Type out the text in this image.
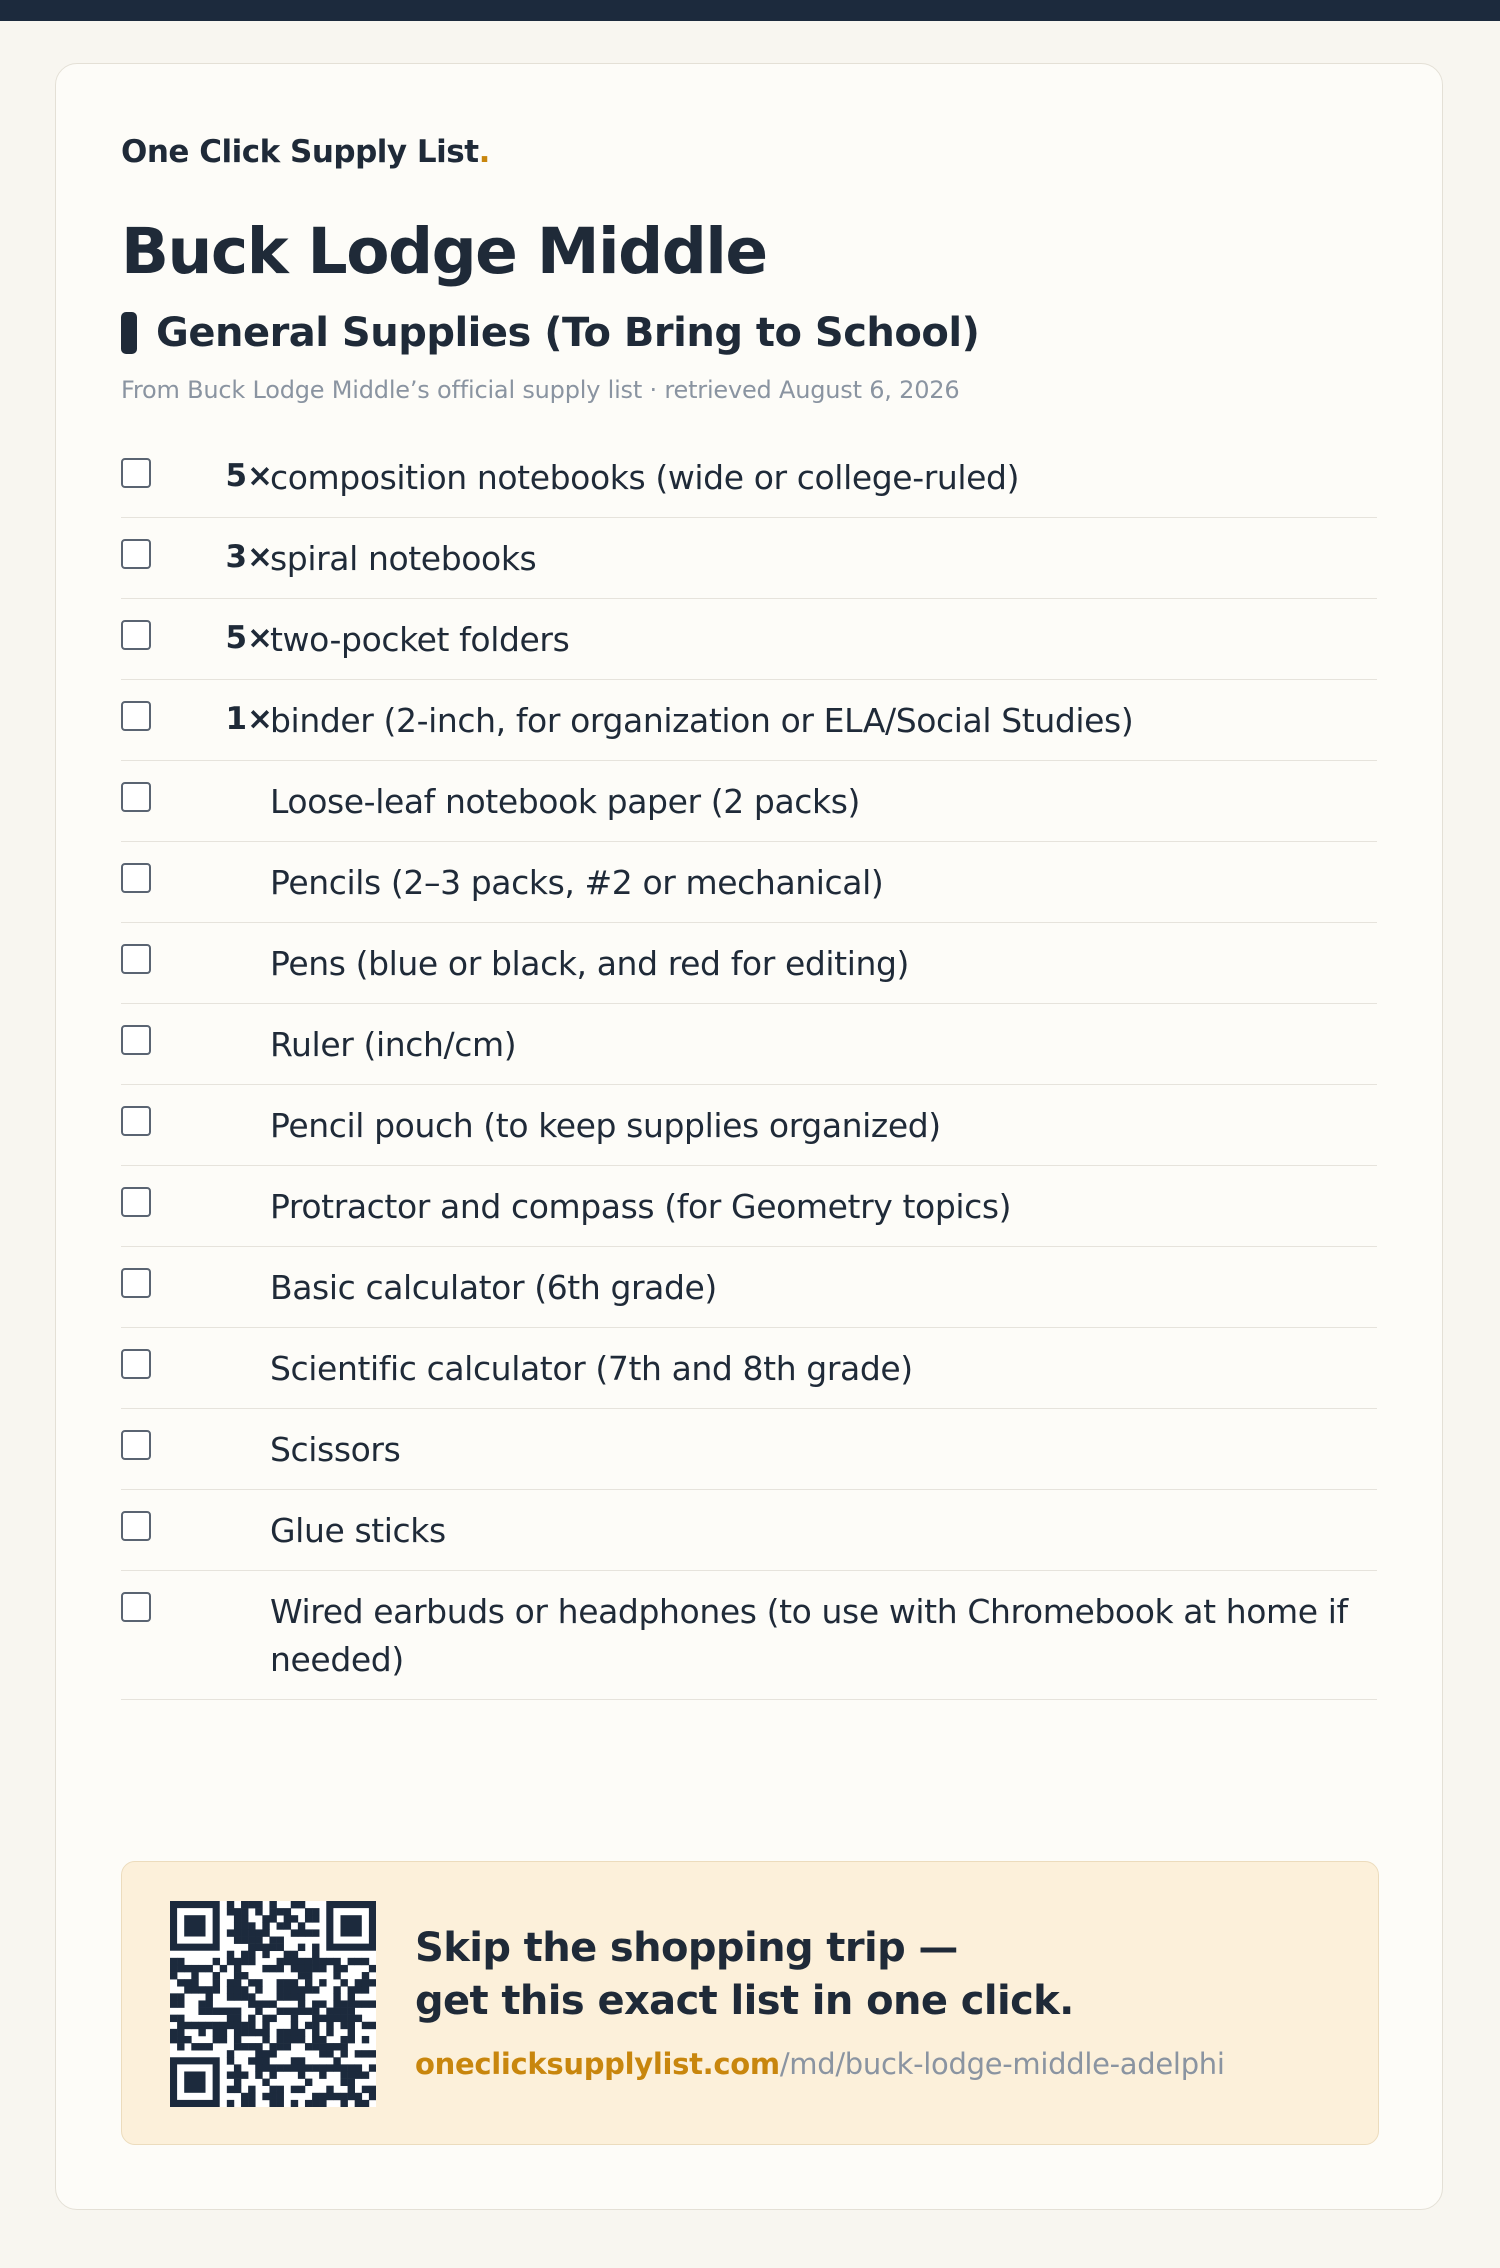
One Click Supply List.
Buck Lodge Middle
General Supplies (To Bring to School)
From Buck Lodge Middle’s official supply list · retrieved August 6, 2026
5×
composition notebooks (wide or college-ruled)
3×
spiral notebooks
5×
two-pocket folders
1×
binder (2-inch, for organization or ELA/Social Studies)
Loose-leaf notebook paper (2 packs)
Pencils (2–3 packs, #2 or mechanical)
Pens (blue or black, and red for editing)
Ruler (inch/cm)
Pencil pouch (to keep supplies organized)
Protractor and compass (for Geometry topics)
Basic calculator (6th grade)
Scientific calculator (7th and 8th grade)
Scissors
Glue sticks
Wired earbuds or headphones (to use with Chromebook at home if needed)
Skip the shopping trip —
get this exact list in one click.
oneclicksupplylist.com/md/buck-lodge-middle-adelphi
